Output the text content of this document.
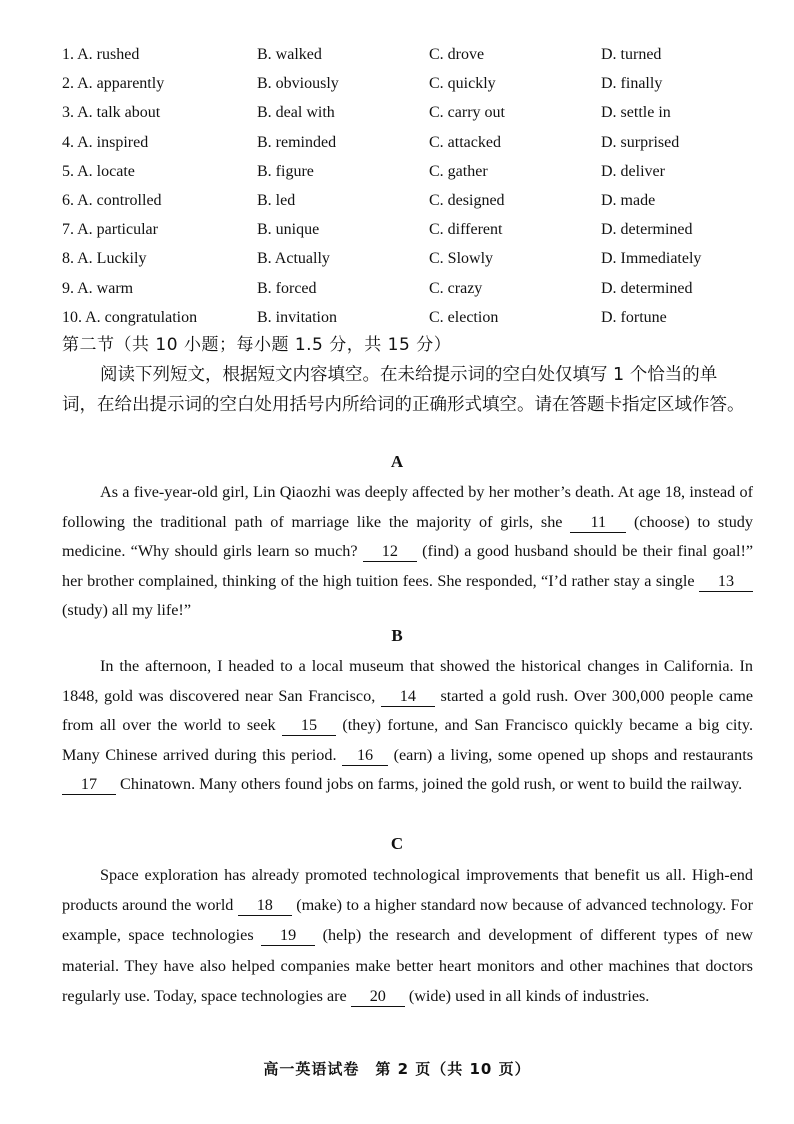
1. A. rushed	B. walked	C. drove	D. turned
2. A. apparently	B. obviously	C. quickly	D. finally
3. A. talk about	B. deal with	C. carry out	D. settle in
4. A. inspired	B. reminded	C. attacked	D. surprised
5. A. locate	B. figure	C. gather	D. deliver
6. A. controlled	B. led	C. designed	D. made
7. A. particular	B. unique	C. different	D. determined
8. A. Luckily	B. Actually	C. Slowly	D. Immediately
9. A. warm	B. forced	C. crazy	D. determined
10. A. congratulation	B. invitation	C. election	D. fortune
第二节（共 10 小题；每小题 1.5 分，共 15 分）
阅读下列短文，根据短文内容填空。在未给提示词的空白处仅填写 1 个恰当的单词，在给出提示词的空白处用括号内所给词的正确形式填空。请在答题卡指定区域作答。
A
As a five-year-old girl, Lin Qiaozhi was deeply affected by her mother’s death. At age 18, instead of following the traditional path of marriage like the majority of girls, she 11 (choose) to study medicine. “Why should girls learn so much? 12 (find) a good husband should be their final goal!” her brother complained, thinking of the high tuition fees. She responded, “I’d rather stay a single 13 (study) all my life!”
B
In the afternoon, I headed to a local museum that showed the historical changes in California. In 1848, gold was discovered near San Francisco, 14 started a gold rush. Over 300,000 people came from all over the world to seek 15 (they) fortune, and San Francisco quickly became a big city. Many Chinese arrived during this period. 16 (earn) a living, some opened up shops and restaurants 17 Chinatown. Many others found jobs on farms, joined the gold rush, or went to build the railway.
C
Space exploration has already promoted technological improvements that benefit us all. High-end products around the world 18 (make) to a higher standard now because of advanced technology. For example, space technologies 19 (help) the research and development of different types of new material. They have also helped companies make better heart monitors and other machines that doctors regularly use. Today, space technologies are 20 (wide) used in all kinds of industries.
高一英语试卷　第 2 页（共 10 页）
